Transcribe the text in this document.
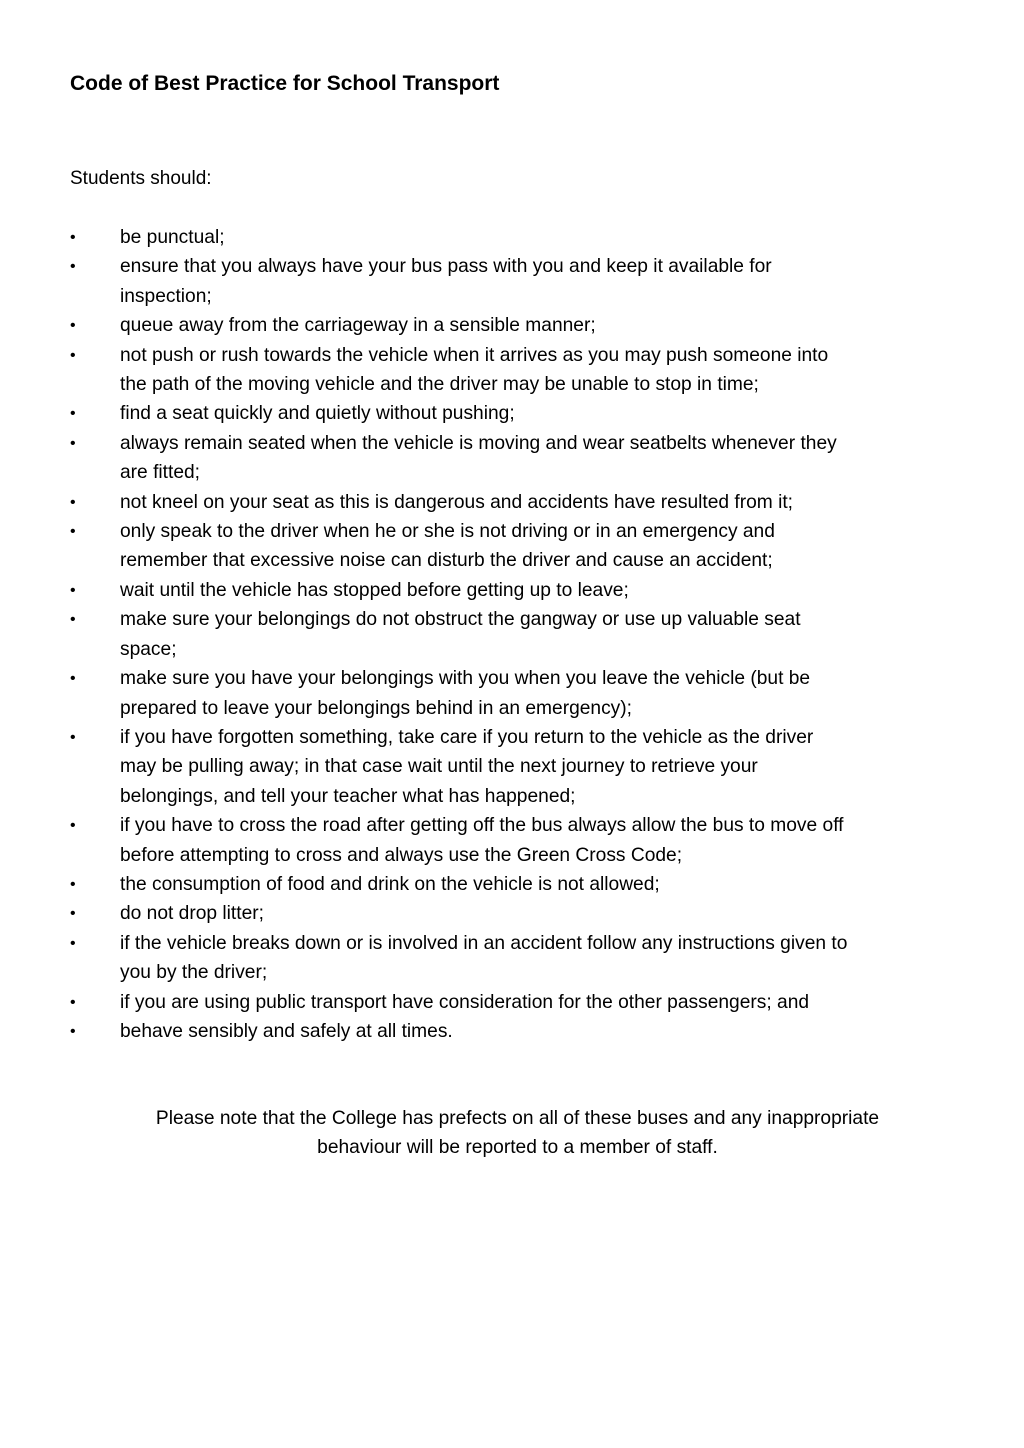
Code of Best Practice for School Transport

Students should:

• be punctual;
• ensure that you always have your bus pass with you and keep it available for
inspection;
• queue away from the carriageway in a sensible manner;
• not push or rush towards the vehicle when it arrives as you may push someone into
the path of the moving vehicle and the driver may be unable to stop in time;
• find a seat quickly and quietly without pushing;
• always remain seated when the vehicle is moving and wear seatbelts whenever they
are fitted;
• not kneel on your seat as this is dangerous and accidents have resulted from it;
• only speak to the driver when he or she is not driving or in an emergency and
remember that excessive noise can disturb the driver and cause an accident;
• wait until the vehicle has stopped before getting up to leave;
• make sure your belongings do not obstruct the gangway or use up valuable seat
space;
• make sure you have your belongings with you when you leave the vehicle (but be
prepared to leave your belongings behind in an emergency);
• if you have forgotten something, take care if you return to the vehicle as the driver
may be pulling away; in that case wait until the next journey to retrieve your
belongings, and tell your teacher what has happened;
• if you have to cross the road after getting off the bus always allow the bus to move off
before attempting to cross and always use the Green Cross Code;
• the consumption of food and drink on the vehicle is not allowed;
• do not drop litter;
• if the vehicle breaks down or is involved in an accident follow any instructions given to
you by the driver;
• if you are using public transport have consideration for the other passengers; and
• behave sensibly and safely at all times.

Please note that the College has prefects on all of these buses and any inappropriate
behaviour will be reported to a member of staff.
